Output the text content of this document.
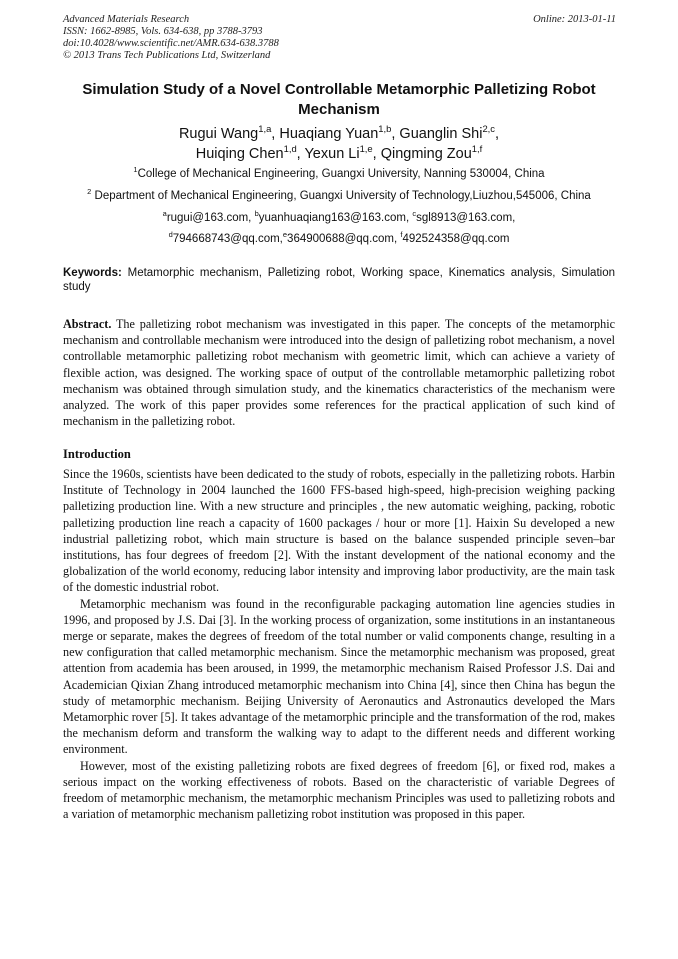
Advanced Materials Research
ISSN: 1662-8985, Vols. 634-638, pp 3788-3793
doi:10.4028/www.scientific.net/AMR.634-638.3788
© 2013 Trans Tech Publications Ltd, Switzerland
Online: 2013-01-11
Simulation Study of a Novel Controllable Metamorphic Palletizing Robot Mechanism
Rugui Wang$^{1,a}$, Huaqiang Yuan$^{1,b}$, Guanglin Shi$^{2,c}$,
Huiqing Chen$^{1,d}$, Yexun Li$^{1,e}$, Qingming Zou$^{1,f}$
$^1$College of Mechanical Engineering, Guangxi University, Nanning 530004, China
$^2$ Department of Mechanical Engineering, Guangxi University of Technology,Liuzhou,545006, China
$^a$rugui@163.com, $^b$yuanhuaqiang163@163.com, $^c$sgl8913@163.com,
$^d$794668743@qq.com,$^e$364900688@qq.com, $^f$492524358@qq.com
Keywords: Metamorphic mechanism, Palletizing robot, Working space, Kinematics analysis, Simulation study
Abstract. The palletizing robot mechanism was investigated in this paper. The concepts of the metamorphic mechanism and controllable mechanism were introduced into the design of palletizing robot mechanism, a novel controllable metamorphic palletizing robot mechanism with geometric limit, which can achieve a variety of flexible action, was designed. The working space of output of the controllable metamorphic palletizing robot mechanism was obtained through simulation study, and the kinematics characteristics of the mechanism were analyzed. The work of this paper provides some references for the practical application of such kind of mechanism in the palletizing robot.
Introduction

Since the 1960s, scientists have been dedicated to the study of robots, especially in the palletizing robots. Harbin Institute of Technology in 2004 launched the 1600 FFS-based high-speed, high-precision weighing packing palletizing production line. With a new structure and principles , the new automatic weighing, packing, robotic palletizing production line reach a capacity of 1600 packages / hour or more [1]. Haixin Su developed a new industrial palletizing robot, which main structure is based on the balance suspended principle seven–bar institutions, has four degrees of freedom [2]. With the instant development of the national economy and the globalization of the world economy, reducing labor intensity and improving labor productivity, are the main task of the domestic industrial robot.

Metamorphic mechanism was found in the reconfigurable packaging automation line agencies studies in 1996, and proposed by J.S. Dai [3]. In the working process of organization, some institutions in an instantaneous merge or separate, makes the degrees of freedom of the total number or valid components change, resulting in a new configuration that called metamorphic mechanism. Since the metamorphic mechanism was proposed, great attention from academia has been aroused, in 1999, the metamorphic mechanism Raised Professor J.S. Dai and Academician Qixian Zhang introduced metamorphic mechanism into China [4], since then China has begun the study of metamorphic mechanism. Beijing University of Aeronautics and Astronautics developed the Mars Metamorphic rover [5]. It takes advantage of the metamorphic principle and the transformation of the rod, makes the mechanism deform and transform the walking way to adapt to the different needs and different working environment.

However, most of the existing palletizing robots are fixed degrees of freedom [6], or fixed rod, makes a serious impact on the working effectiveness of robots. Based on the characteristic of variable Degrees of freedom of metamorphic mechanism, the metamorphic mechanism Principles was used to palletizing robots and a variation of metamorphic mechanism palletizing robot institution was proposed in this paper.
